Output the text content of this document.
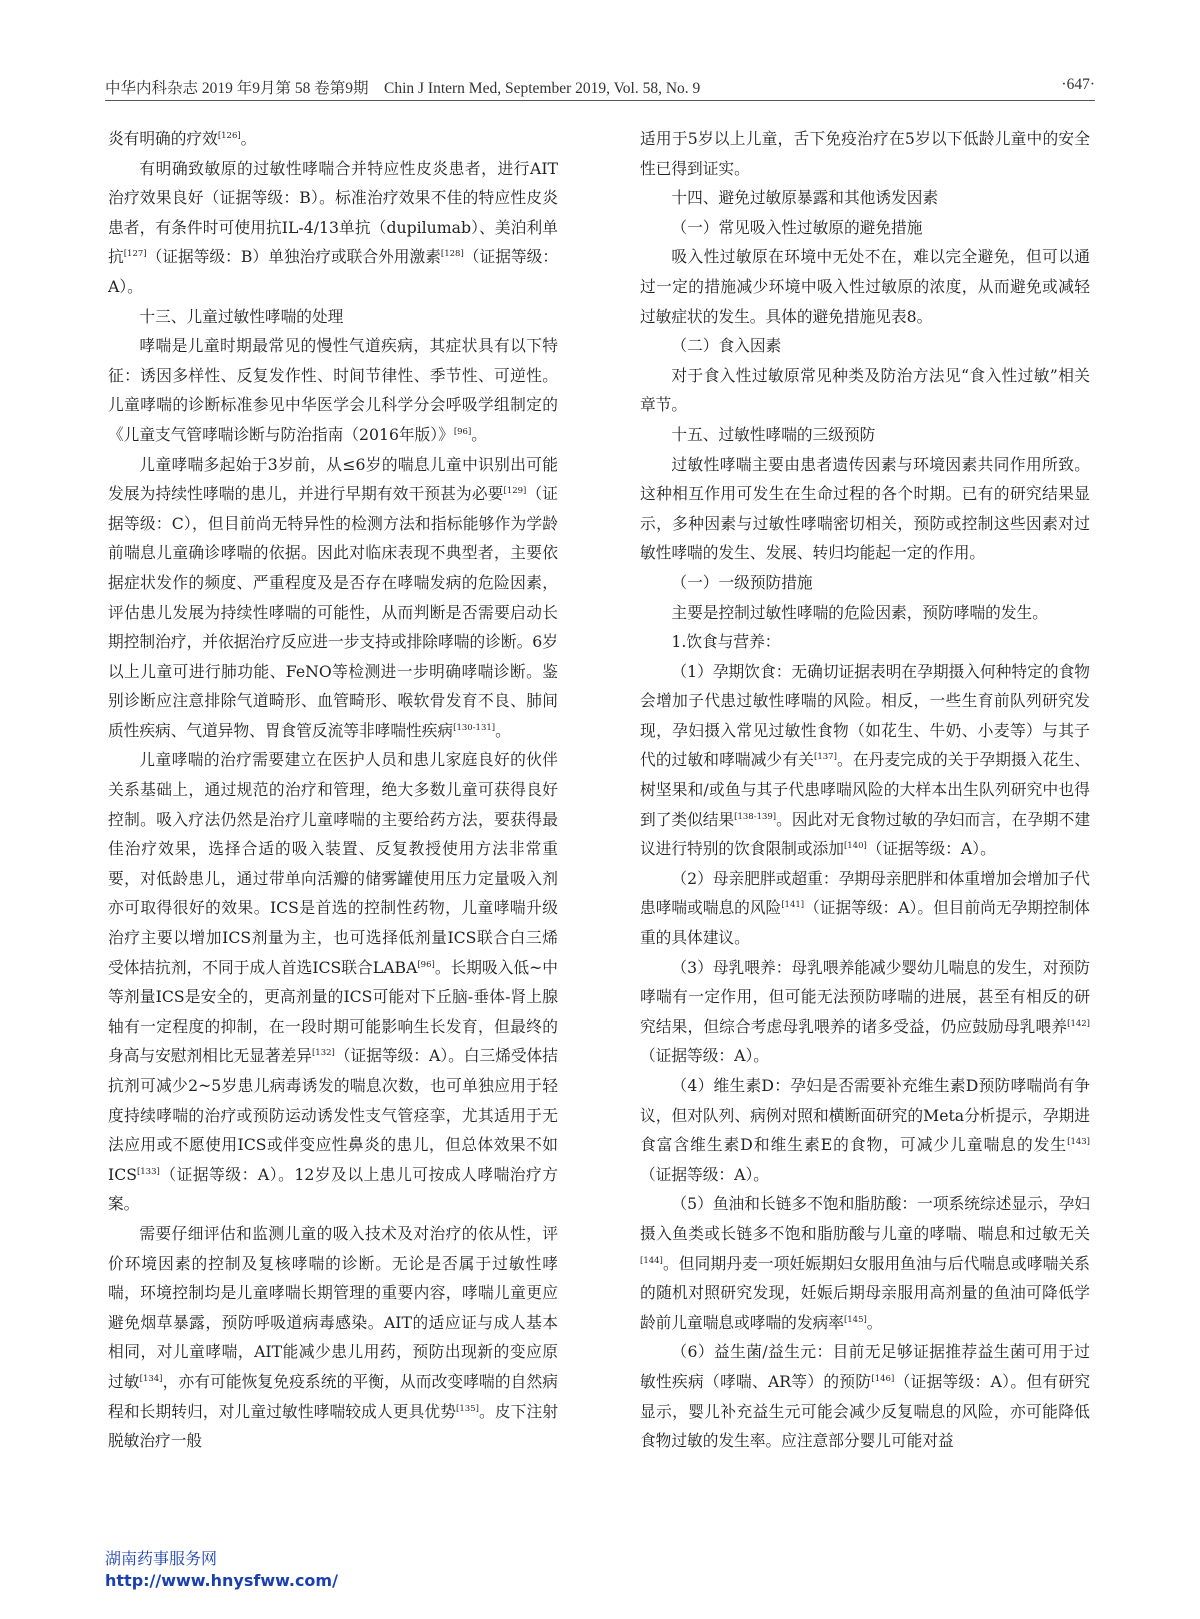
中华内科杂志 2019 年9月第 58 卷第9期　Chin J Intern Med, September 2019, Vol. 58, No. 9	·647·

炎有明确的疗效[126]。

有明确致敏原的过敏性哮喘合并特应性皮炎患者，进行AIT治疗效果良好（证据等级：B）。标准治疗效果不佳的特应性皮炎患者，有条件时可使用抗IL-4/13单抗（dupilumab）、美泊利单抗[127]（证据等级：B）单独治疗或联合外用激素[128]（证据等级：A）。

十三、儿童过敏性哮喘的处理

哮喘是儿童时期最常见的慢性气道疾病，其症状具有以下特征：诱因多样性、反复发作性、时间节律性、季节性、可逆性。儿童哮喘的诊断标准参见中华医学会儿科学分会呼吸学组制定的《儿童支气管哮喘诊断与防治指南（2016年版）》[96]。

儿童哮喘多起始于3岁前，从≤6岁的喘息儿童中识别出可能发展为持续性哮喘的患儿，并进行早期有效干预甚为必要[129]（证据等级：C），但目前尚无特异性的检测方法和指标能够作为学龄前喘息儿童确诊哮喘的依据。因此对临床表现不典型者，主要依据症状发作的频度、严重程度及是否存在哮喘发病的危险因素，评估患儿发展为持续性哮喘的可能性，从而判断是否需要启动长期控制治疗，并依据治疗反应进一步支持或排除哮喘的诊断。6岁以上儿童可进行肺功能、FeNO等检测进一步明确哮喘诊断。鉴别诊断应注意排除气道畸形、血管畸形、喉软骨发育不良、肺间质性疾病、气道异物、胃食管反流等非哮喘性疾病[130-131]。

儿童哮喘的治疗需要建立在医护人员和患儿家庭良好的伙伴关系基础上，通过规范的治疗和管理，绝大多数儿童可获得良好控制。吸入疗法仍然是治疗儿童哮喘的主要给药方法，要获得最佳治疗效果，选择合适的吸入装置、反复教授使用方法非常重要，对低龄患儿，通过带单向活瓣的储雾罐使用压力定量吸入剂亦可取得很好的效果。ICS是首选的控制性药物，儿童哮喘升级治疗主要以增加ICS剂量为主，也可选择低剂量ICS联合白三烯受体拮抗剂，不同于成人首选ICS联合LABA[96]。长期吸入低~中等剂量ICS是安全的，更高剂量的ICS可能对下丘脑-垂体-肾上腺轴有一定程度的抑制，在一段时期可能影响生长发育，但最终的身高与安慰剂相比无显著差异[132]（证据等级：A）。白三烯受体拮抗剂可减少2~5岁患儿病毒诱发的喘息次数，也可单独应用于轻度持续哮喘的治疗或预防运动诱发性支气管痉挛，尤其适用于无法应用或不愿使用ICS或伴变应性鼻炎的患儿，但总体效果不如ICS[133]（证据等级：A）。12岁及以上患儿可按成人哮喘治疗方案。

需要仔细评估和监测儿童的吸入技术及对治疗的依从性，评价环境因素的控制及复核哮喘的诊断。无论是否属于过敏性哮喘，环境控制均是儿童哮喘长期管理的重要内容，哮喘儿童更应避免烟草暴露，预防呼吸道病毒感染。AIT的适应证与成人基本相同，对儿童哮喘，AIT能减少患儿用药，预防出现新的变应原过敏[134]，亦有可能恢复免疫系统的平衡，从而改变哮喘的自然病程和长期转归，对儿童过敏性哮喘较成人更具优势[135]。皮下注射脱敏治疗一般

适用于5岁以上儿童，舌下免疫治疗在5岁以下低龄儿童中的安全性已得到证实。

十四、避免过敏原暴露和其他诱发因素

（一）常见吸入性过敏原的避免措施

吸入性过敏原在环境中无处不在，难以完全避免，但可以通过一定的措施减少环境中吸入性过敏原的浓度，从而避免或减轻过敏症状的发生。具体的避免措施见表8。

（二）食入因素

对于食入性过敏原常见种类及防治方法见“食入性过敏”相关章节。

十五、过敏性哮喘的三级预防

过敏性哮喘主要由患者遗传因素与环境因素共同作用所致。这种相互作用可发生在生命过程的各个时期。已有的研究结果显示，多种因素与过敏性哮喘密切相关，预防或控制这些因素对过敏性哮喘的发生、发展、转归均能起一定的作用。

（一）一级预防措施

主要是控制过敏性哮喘的危险因素，预防哮喘的发生。

1.饮食与营养：

（1）孕期饮食：无确切证据表明在孕期摄入何种特定的食物会增加子代患过敏性哮喘的风险。相反，一些生育前队列研究发现，孕妇摄入常见过敏性食物（如花生、牛奶、小麦等）与其子代的过敏和哮喘减少有关[137]。在丹麦完成的关于孕期摄入花生、树坚果和/或鱼与其子代患哮喘风险的大样本出生队列研究中也得到了类似结果[138-139]。因此对无食物过敏的孕妇而言，在孕期不建议进行特别的饮食限制或添加[140]（证据等级：A）。

（2）母亲肥胖或超重：孕期母亲肥胖和体重增加会增加子代患哮喘或喘息的风险[141]（证据等级：A）。但目前尚无孕期控制体重的具体建议。

（3）母乳喂养：母乳喂养能减少婴幼儿喘息的发生，对预防哮喘有一定作用，但可能无法预防哮喘的进展，甚至有相反的研究结果，但综合考虑母乳喂养的诸多受益，仍应鼓励母乳喂养[142]（证据等级：A）。

（4）维生素D：孕妇是否需要补充维生素D预防哮喘尚有争议，但对队列、病例对照和横断面研究的Meta分析提示，孕期进食富含维生素D和维生素E的食物，可减少儿童喘息的发生[143]（证据等级：A）。

（5）鱼油和长链多不饱和脂肪酸：一项系统综述显示，孕妇摄入鱼类或长链多不饱和脂肪酸与儿童的哮喘、喘息和过敏无关[144]。但同期丹麦一项妊娠期妇女服用鱼油与后代喘息或哮喘关系的随机对照研究发现，妊娠后期母亲服用高剂量的鱼油可降低学龄前儿童喘息或哮喘的发病率[145]。

（6）益生菌/益生元：目前无足够证据推荐益生菌可用于过敏性疾病（哮喘、AR等）的预防[146]（证据等级：A）。但有研究显示，婴儿补充益生元可能会减少反复喘息的风险，亦可能降低食物过敏的发生率。应注意部分婴儿可能对益

湖南药事服务网
http://www.hnysfww.com/
